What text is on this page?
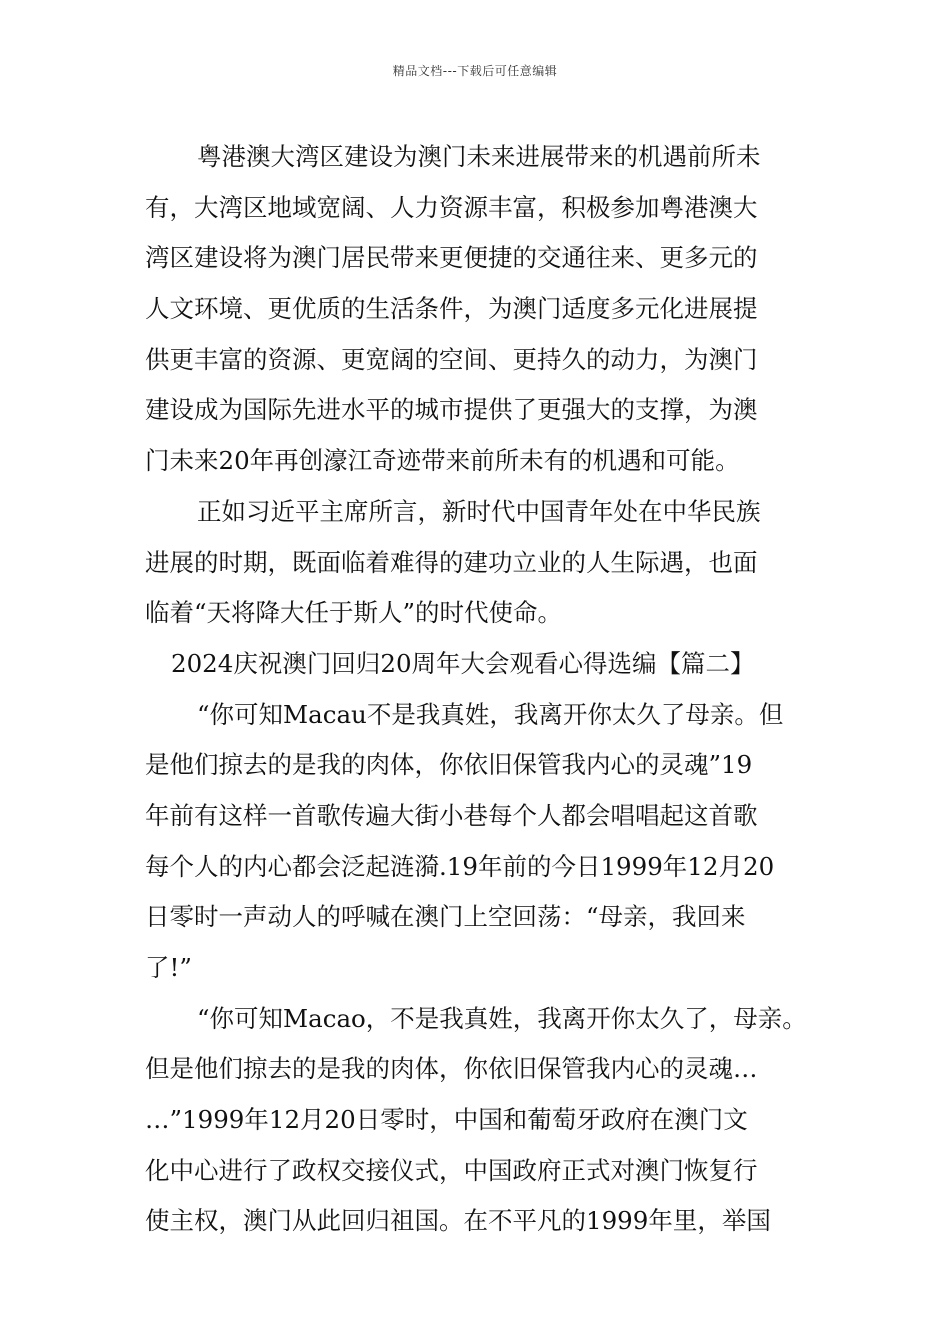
精品文档---下载后可任意编辑
粤港澳大湾区建设为澳门未来进展带来的机遇前所未
有，大湾区地域宽阔、人力资源丰富，积极参加粤港澳大
湾区建设将为澳门居民带来更便捷的交通往来、更多元的
人文环境、更优质的生活条件，为澳门适度多元化进展提
供更丰富的资源、更宽阔的空间、更持久的动力，为澳门
建设成为国际先进水平的城市提供了更强大的支撑，为澳
门未来20年再创濠江奇迹带来前所未有的机遇和可能。
正如习近平主席所言，新时代中国青年处在中华民族
进展的时期，既面临着难得的建功立业的人生际遇，也面
临着“天将降大任于斯人”的时代使命。
2024庆祝澳门回归20周年大会观看心得选编【篇二】
“你可知Macau不是我真姓，我离开你太久了母亲。但
是他们掠去的是我的肉体，你依旧保管我内心的灵魂”19
年前有这样一首歌传遍大街小巷每个人都会唱唱起这首歌
每个人的内心都会泛起涟漪.19年前的今日1999年12月20
日零时一声动人的呼喊在澳门上空回荡：“母亲，我回来
了!”
“你可知Macao，不是我真姓，我离开你太久了，母亲。
但是他们掠去的是我的肉体，你依旧保管我内心的灵魂…
…”1999年12月20日零时，中国和葡萄牙政府在澳门文
化中心进行了政权交接仪式，中国政府正式对澳门恢复行
使主权，澳门从此回归祖国。在不平凡的1999年里，举国
